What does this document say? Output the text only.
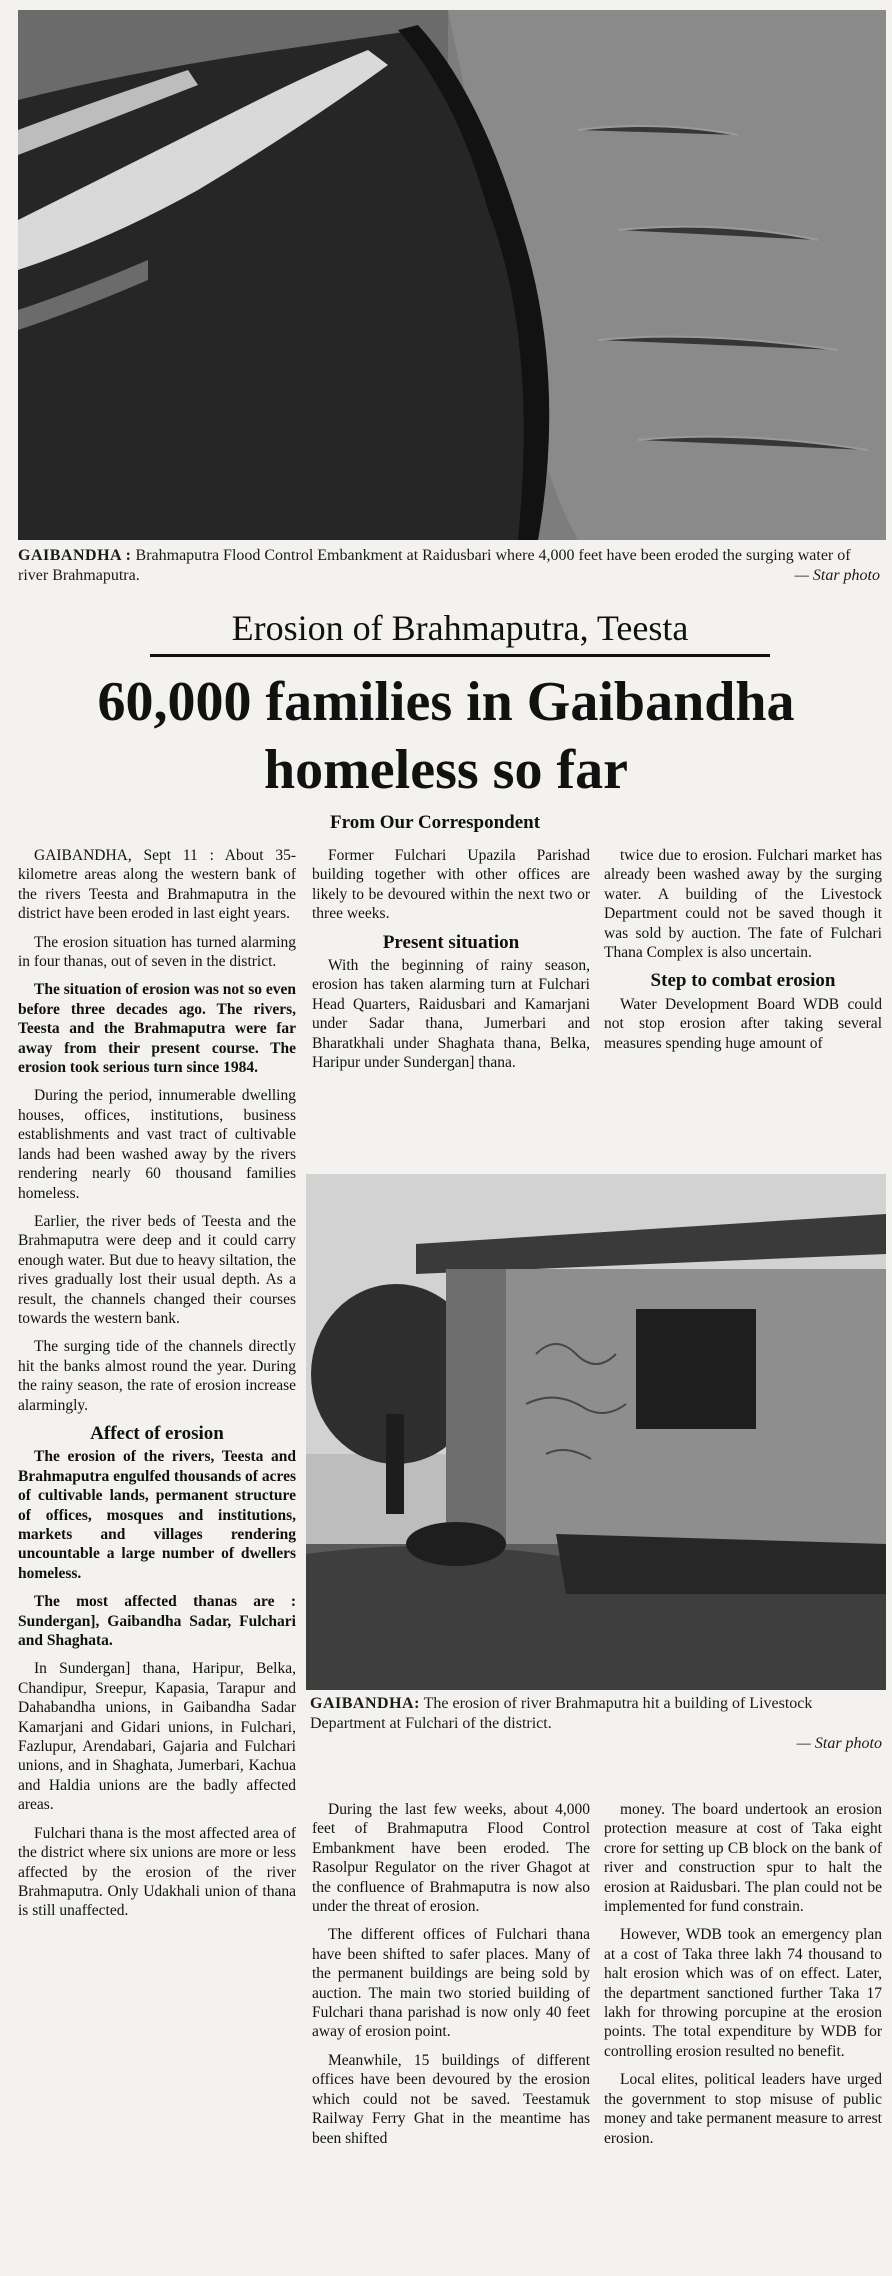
GAIBANDHA : Brahmaputra Flood Control Embankment at Raidusbari where 4,000 feet have been eroded the surging water of river Brahmaputra.	— Star photo
Erosion of Brahmaputra, Teesta
60,000 families in Gaibandha
homeless so far
From Our Correspondent

GAIBANDHA, Sept 11 : About 35-kilometre areas along the western bank of the rivers Teesta and Brahmaputra in the district have been eroded in last eight years.

The erosion situation has turned alarming in four thanas, out of seven in the district.

The situation of erosion was not so even before three decades ago. The rivers, Teesta and the Brahmaputra were far away from their present course. The erosion took serious turn since 1984.

During the period, innumerable dwelling houses, offices, institutions, business establishments and vast tract of cultivable lands had been washed away by the rivers rendering nearly 60 thousand families homeless.

Earlier, the river beds of Teesta and the Brahmaputra were deep and it could carry enough water. But due to heavy siltation, the rives gradually lost their usual depth. As a result, the channels changed their courses towards the western bank.

The surging tide of the channels directly hit the banks almost round the year. During the rainy season, the rate of erosion increase alarmingly.

Affect of erosion

The erosion of the rivers, Teesta and Brahmaputra engulfed thousands of acres of cultivable lands, permanent structure of offices, mosques and institutions, markets and villages rendering uncountable a large number of dwellers homeless.

The most affected thanas are : Sundergan], Gaibandha Sadar, Fulchari and Shaghata.

In Sundergan] thana, Haripur, Belka, Chandipur, Sreepur, Kapasia, Tarapur and Dahabandha unions, in Gaibandha Sadar Kamarjani and Gidari unions, in Fulchari, Fazlupur, Arendabari, Gajaria and Fulchari unions, and in Shaghata, Jumerbari, Kachua and Haldia unions are the badly affected areas.

Fulchari thana is the most affected area of the district where six unions are more or less affected by the erosion of the river Brahmaputra. Only Udakhali union of thana is still unaffected.

Former Fulchari Upazila Parishad building together with other offices are likely to be devoured within the next two or three weeks.

Present situation

With the beginning of rainy season, erosion has taken alarming turn at Fulchari Head Quarters, Raidusbari and Kamarjani under Sadar thana, Jumerbari and Bharatkhali under Shaghata thana, Belka, Haripur under Sundergan] thana.

twice due to erosion. Fulchari market has already been washed away by the surging water. A building of the Livestock Department could not be saved though it was sold by auction. The fate of Fulchari Thana Complex is also uncertain.

Step to combat erosion

Water Development Board WDB could not stop erosion after taking several measures spending huge amount of

GAIBANDHA: The erosion of river Brahmaputra hit a building of Livestock Department at Fulchari of the district.
— Star photo

During the last few weeks, about 4,000 feet of Brahmaputra Flood Control Embankment have been eroded. The Rasolpur Regulator on the river Ghagot at the confluence of Brahmaputra is now also under the threat of erosion.

The different offices of Fulchari thana have been shifted to safer places. Many of the permanent buildings are being sold by auction. The main two storied building of Fulchari thana parishad is now only 40 feet away of erosion point.

Meanwhile, 15 buildings of different offices have been devoured by the erosion which could not be saved. Teestamuk Railway Ferry Ghat in the meantime has been shifted

money. The board undertook an erosion protection measure at cost of Taka eight crore for setting up CB block on the bank of river and construction spur to halt the erosion at Raidusbari. The plan could not be implemented for fund constrain.

However, WDB took an emergency plan at a cost of Taka three lakh 74 thousand to halt erosion which was of on effect. Later, the department sanctioned further Taka 17 lakh for throwing porcupine at the erosion points. The total expenditure by WDB for controlling erosion resulted no benefit.

Local elites, political leaders have urged the government to stop misuse of public money and take permanent measure to arrest erosion.
